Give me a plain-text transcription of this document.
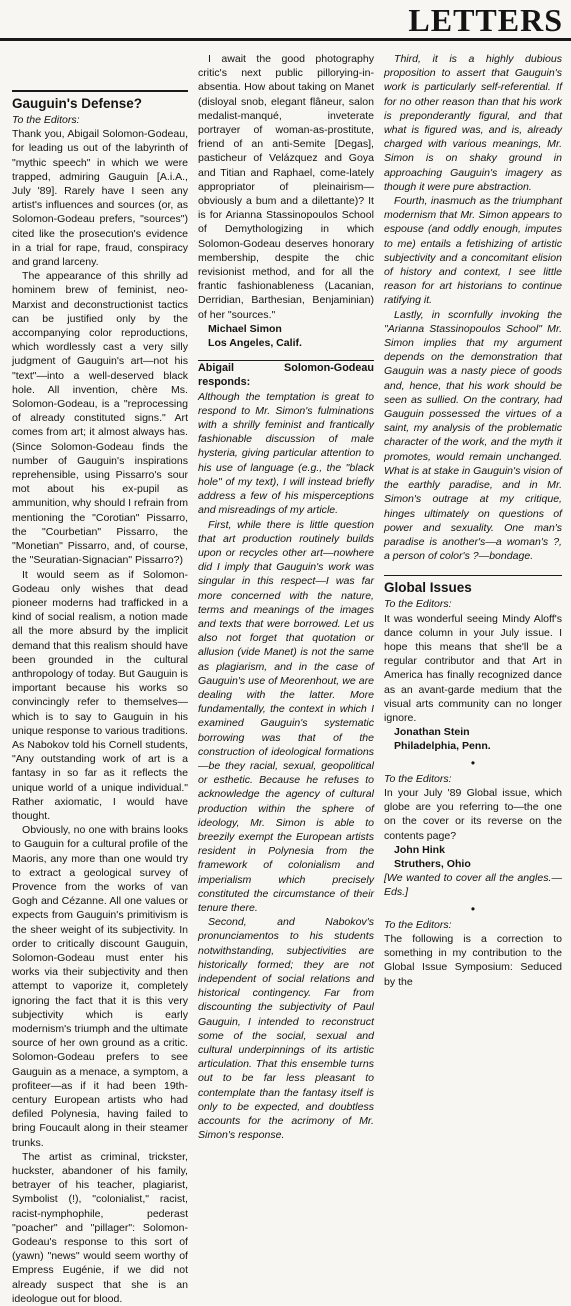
LETTERS
Gauguin's Defense?

To the Editors:

Thank you, Abigail Solomon-Godeau, for leading us out of the labyrinth of "mythic speech" in which we were trapped, admiring Gauguin [A.i.A., July '89]. Rarely have I seen any artist's influences and sources (or, as Solomon-Godeau prefers, "sources") cited like the prosecution's evidence in a trial for rape, fraud, conspiracy and grand larceny.

The appearance of this shrilly ad hominem brew of feminist, neo-Marxist and deconstructionist tactics can be justified only by the accompanying color reproductions, which wordlessly cast a very silly judgment of Gauguin's art—not his "text"—into a well-deserved black hole. All invention, chère Ms. Solomon-Godeau, is a "reprocessing of already constituted signs." Art comes from art; it almost always has. (Since Solomon-Godeau finds the number of Gauguin's inspirations reprehensible, using Pissarro's sour mot about his ex-pupil as ammunition, why should I refrain from mentioning the "Corotian" Pissarro, the "Courbetian" Pissarro, the "Monetian" Pissarro, and, of course, the "Seuratian-Signacian" Pissarro?)

It would seem as if Solomon-Godeau only wishes that dead pioneer moderns had trafficked in a kind of social realism, a notion made all the more absurd by the implicit demand that this realism should have been grounded in the cultural anthropology of today. But Gauguin is important because his works so convincingly refer to themselves—which is to say to Gauguin in his unique response to various traditions. As Nabokov told his Cornell students, "Any outstanding work of art is a fantasy in so far as it reflects the unique world of a unique individual." Rather axiomatic, I would have thought.

Obviously, no one with brains looks to Gauguin for a cultural profile of the Maoris, any more than one would try to extract a geological survey of Provence from the works of van Gogh and Cézanne. All one values or expects from Gauguin's primitivism is the sheer weight of its subjectivity. In order to critically discount Gauguin, Solomon-Godeau must enter his works via their subjectivity and then attempt to vaporize it, completely ignoring the fact that it is this very subjectivity which is early modernism's triumph and the ultimate source of her own ground as a critic. Solomon-Godeau prefers to see Gauguin as a menace, a symptom, a profiteer—as if it had been 19th-century European artists who had defiled Polynesia, having failed to bring Foucault along in their steamer trunks.

The artist as criminal, trickster, huckster, abandoner of his family, betrayer of his teacher, plagiarist, Symbolist (!), "colonialist," racist, racist-nymphophile, pederast "poacher" and "pillager": Solomon-Godeau's response to this sort of (yawn) "news" would seem worthy of Empress Eugénie, if we did not already suspect that she is an ideologue out for blood.

I await the good photography critic's next public pillorying-in-absentia. How about taking on Manet (disloyal snob, elegant flâneur, salon medalist-manqué, inveterate portrayer of woman-as-prostitute, friend of an anti-Semite [Degas], pasticheur of Velázquez and Goya and Titian and Raphael, come-lately appropriator of pleinairism—obviously a bum and a dilettante)? It is for Arianna Stassinopoulos School of Demythologizing in which Solomon-Godeau deserves honorary membership, despite the chic revisionist method, and for all the frantic fashionableness (Lacanian, Derridian, Barthesian, Benjaminian) of her "sources."

Michael Simon

Los Angeles, Calif.

Abigail Solomon-Godeau responds:

Although the temptation is great to respond to Mr. Simon's fulminations with a shrilly feminist and frantically fashionable discussion of male hysteria, giving particular attention to his use of language (e.g., the "black hole" of my text), I will instead briefly address a few of his misperceptions and misreadings of my article.

First, while there is little question that art production routinely builds upon or recycles other art—nowhere did I imply that Gauguin's work was singular in this respect—I was far more concerned with the nature, terms and meanings of the images and texts that were borrowed. Let us also not forget that quotation or allusion (vide Manet) is not the same as plagiarism, and in the case of Gauguin's use of Meorenhout, we are dealing with the latter. More fundamentally, the context in which I examined Gauguin's systematic borrowing was that of the construction of ideological formations—be they racial, sexual, geopolitical or esthetic. Because he refuses to acknowledge the agency of cultural production within the sphere of ideology, Mr. Simon is able to breezily exempt the European artists resident in Polynesia from the framework of colonialism and imperialism which precisely constituted the circumstance of their tenure there.

Second, and Nabokov's pronunciamentos to his students notwithstanding, subjectivities are historically formed; they are not independent of social relations and historical contingency. Far from discounting the subjectivity of Paul Gauguin, I intended to reconstruct some of the social, sexual and cultural underpinnings of its artistic articulation. That this ensemble turns out to be far less pleasant to contemplate than the fantasy itself is only to be expected, and doubtless accounts for the acrimony of Mr. Simon's response.

Third, it is a highly dubious proposition to assert that Gauguin's work is particularly self-referential. If for no other reason than that his work is preponderantly figural, and that what is figured was, and is, already charged with various meanings, Mr. Simon is on shaky ground in approaching Gauguin's imagery as though it were pure abstraction.

Fourth, inasmuch as the triumphant modernism that Mr. Simon appears to espouse (and oddly enough, imputes to me) entails a fetishizing of artistic subjectivity and a concomitant elision of history and context, I see little reason for art historians to continue ratifying it.

Lastly, in scornfully invoking the "Arianna Stassinopoulos School" Mr. Simon implies that my argument depends on the demonstration that Gauguin was a nasty piece of goods and, hence, that his work should be seen as sullied. On the contrary, had Gauguin possessed the virtues of a saint, my analysis of the problematic character of the work, and the myth it promotes, would remain unchanged. What is at stake in Gauguin's vision of the earthly paradise, and in Mr. Simon's outrage at my critique, hinges ultimately on questions of power and sexuality. One man's paradise is another's—a woman's ?, a person of color's ?—bondage.

Global Issues

To the Editors:

It was wonderful seeing Mindy Aloff's dance column in your July issue. I hope this means that she'll be a regular contributor and that Art in America has finally recognized dance as an avant-garde medium that the visual arts community can no longer ignore.

Jonathan Stein

Philadelphia, Penn.

•

To the Editors:

In your July '89 Global issue, which globe are you referring to—the one on the cover or its reverse on the contents page?

John Hink

Struthers, Ohio

[We wanted to cover all the angles.—Eds.]

•

To the Editors:

The following is a correction to something in my contribution to the Global Issue Symposium: Seduced by the
